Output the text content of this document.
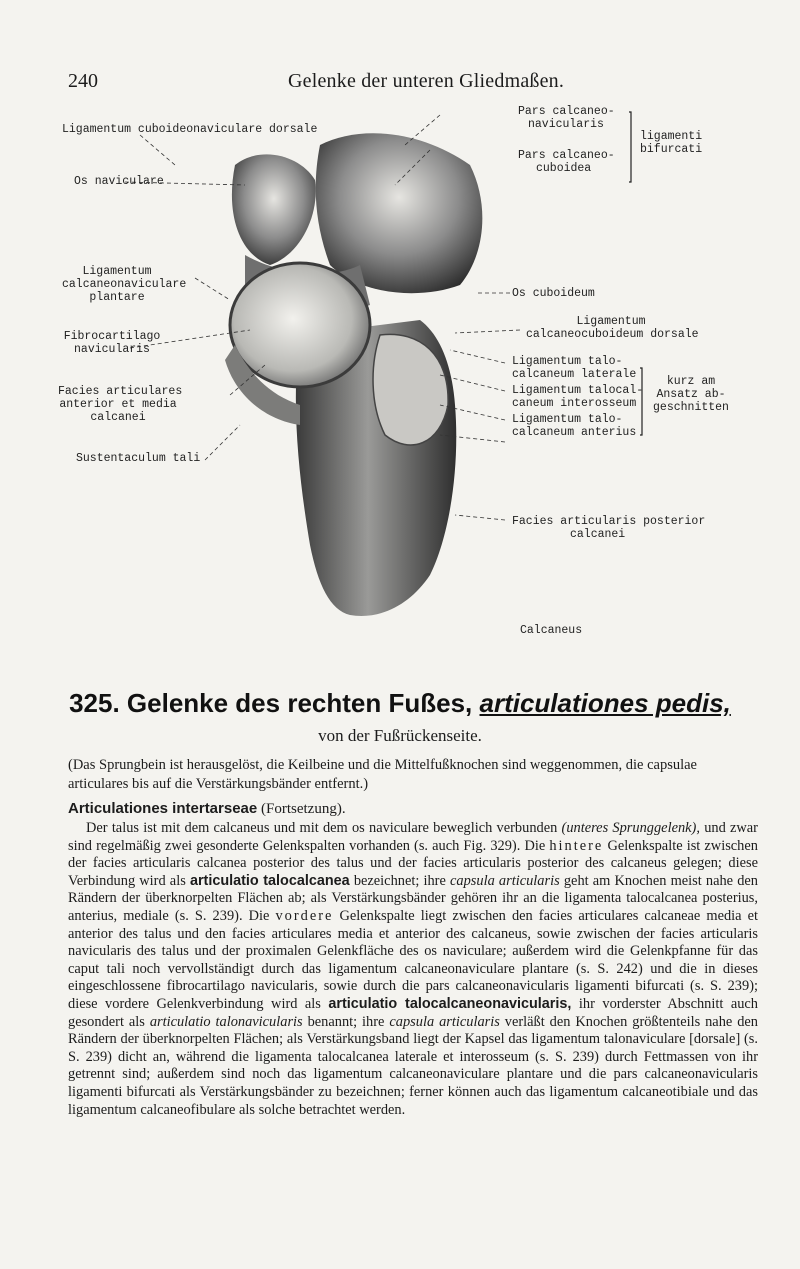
240	Gelenke der unteren Gliedmaßen.
Ligamentum cuboideonaviculare dorsale
Os naviculare
Ligamentum
calcaneonaviculare
plantare
Fibrocartilago
navicularis
Facies articulares
anterior et media
calcanei
Sustentaculum tali
Pars calcaneo-
navicularis
Pars calcaneo-
cuboidea
ligamenti
bifurcati
Os cuboideum
Ligamentum
calcaneocuboideum dorsale
Ligamentum talo-
calcaneum laterale
Ligamentum talocal-
caneum interosseum
Ligamentum talo-
calcaneum anterius
kurz am
Ansatz ab-
geschnitten
Facies articularis posterior
calcanei
Calcaneus
325. Gelenke des rechten Fußes, articulationes pedis,
von der Fußrückenseite.
(Das Sprungbein ist herausgelöst, die Keilbeine und die Mittelfußknochen sind weggenommen, die capsulae articulares bis auf die Verstärkungsbänder entfernt.)
Articulationes intertarseae (Fortsetzung).

Der talus ist mit dem calcaneus und mit dem os naviculare beweglich verbunden (unteres Sprunggelenk), und zwar sind regelmäßig zwei gesonderte Gelenkspalten vorhanden (s. auch Fig. 329). Die hintere Gelenkspalte ist zwischen der facies articularis calcanea posterior des talus und der facies articularis posterior des calcaneus gelegen; diese Verbindung wird als articulatio talocalcanea bezeichnet; ihre capsula articularis geht am Knochen meist nahe den Rändern der überknorpelten Flächen ab; als Verstärkungsbänder gehören ihr an die ligamenta talocalcanea posterius, anterius, mediale (s. S. 239). Die vordere Gelenkspalte liegt zwischen den facies articulares calcaneae media et anterior des talus und den facies articulares media et anterior des calcaneus, sowie zwischen der facies articularis navicularis des talus und der proximalen Gelenkfläche des os naviculare; außerdem wird die Gelenkpfanne für das caput tali noch vervollständigt durch das ligamentum calcaneonaviculare plantare (s. S. 242) und die in dieses eingeschlossene fibrocartilago navicularis, sowie durch die pars calcaneonavicularis ligamenti bifurcati (s. S. 239); diese vordere Gelenkverbindung wird als articulatio talocalcaneonavicularis, ihr vorderster Abschnitt auch gesondert als articulatio talonavicularis benannt; ihre capsula articularis verläßt den Knochen größtenteils nahe den Rändern der überknorpelten Flächen; als Verstärkungsband liegt der Kapsel das ligamentum talonaviculare [dorsale] (s. S. 239) dicht an, während die ligamenta talocalcanea laterale et interosseum (s. S. 239) durch Fettmassen von ihr getrennt sind; außerdem sind noch das ligamentum calcaneonaviculare plantare und die pars calcaneonavicularis ligamenti bifurcati als Verstärkungsbänder zu bezeichnen; ferner können auch das ligamentum calcaneotibiale und das ligamentum calcaneofibulare als solche betrachtet werden.
